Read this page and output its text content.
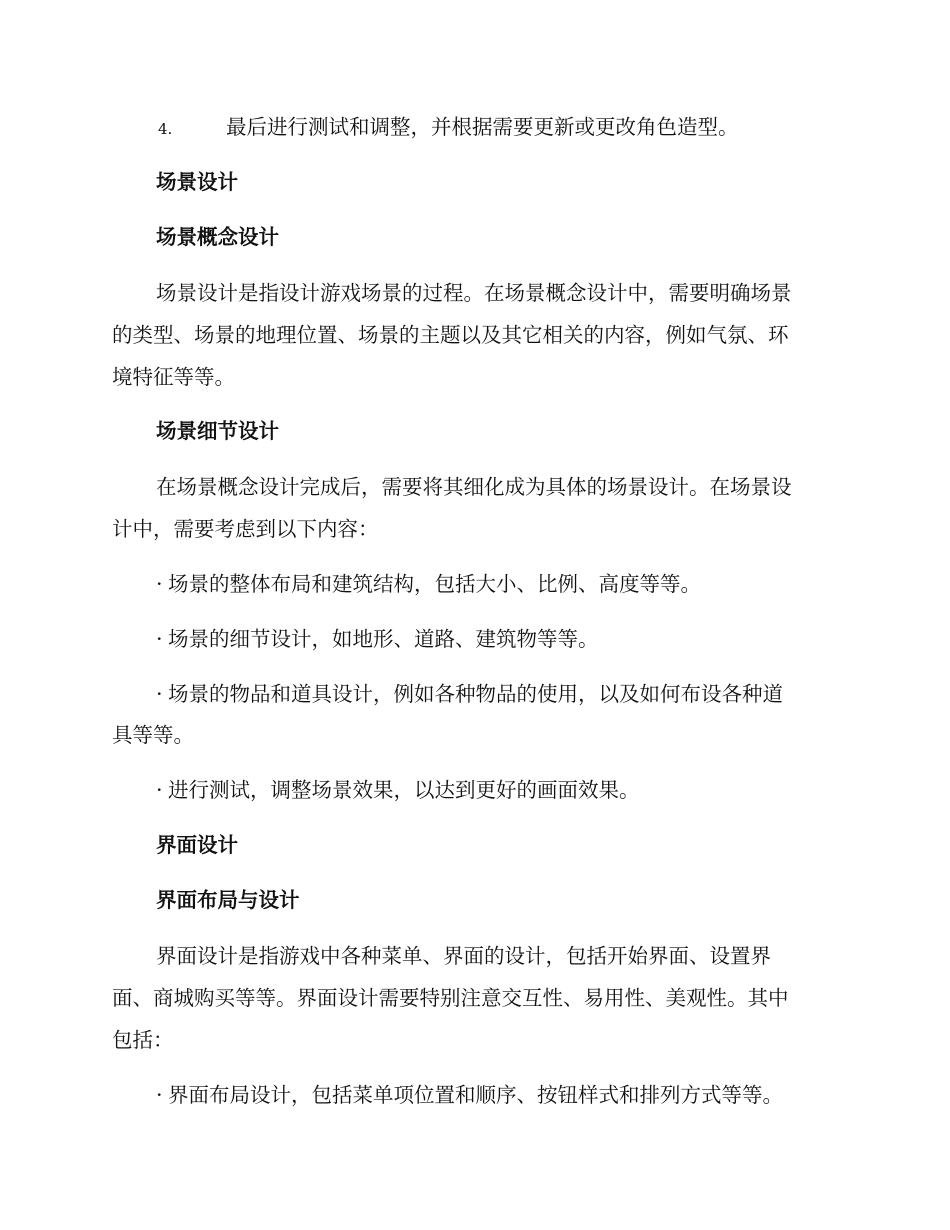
4.	最后进行测试和调整，并根据需要更新或更改角色造型。
场景设计
场景概念设计
场景设计是指设计游戏场景的过程。在场景概念设计中，需要明确场景
的类型、场景的地理位置、场景的主题以及其它相关的内容，例如气氛、环
境特征等等。
场景细节设计
在场景概念设计完成后，需要将其细化成为具体的场景设计。在场景设
计中，需要考虑到以下内容：
· 场景的整体布局和建筑结构，包括大小、比例、高度等等。
· 场景的细节设计，如地形、道路、建筑物等等。
· 场景的物品和道具设计，例如各种物品的使用，以及如何布设各种道
具等等。
· 进行测试，调整场景效果，以达到更好的画面效果。
界面设计
界面布局与设计
界面设计是指游戏中各种菜单、界面的设计，包括开始界面、设置界
面、商城购买等等。界面设计需要特别注意交互性、易用性、美观性。其中
包括：
· 界面布局设计，包括菜单项位置和顺序、按钮样式和排列方式等等。
